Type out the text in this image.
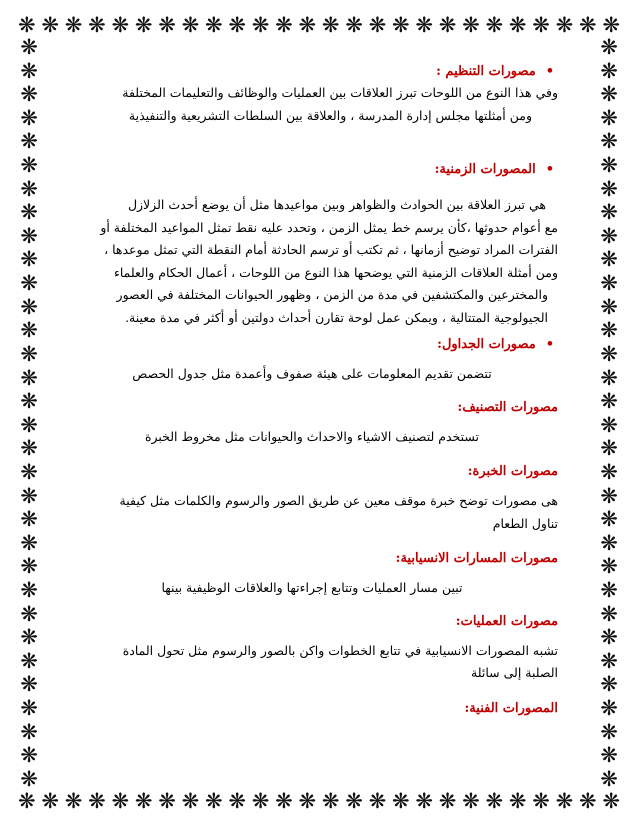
❋ ❋ ❋ ❋ ❋ ❋ ❋ ❋ ❋ ❋ ❋ ❋ ❋ ❋ ❋ ❋ ❋ ❋ ❋ ❋ ❋ ❋ ❋ ❋ ❋ ❋
❋ ❋ ❋ ❋ ❋ ❋ ❋ ❋ ❋ ❋ ❋ ❋ ❋ ❋ ❋ ❋ ❋ ❋ ❋ ❋ ❋ ❋ ❋ ❋ ❋ ❋
❋
❋
❋
❋
❋
❋
❋
❋
❋
❋
❋
❋
❋
❋
❋
❋
❋
❋
❋
❋
❋
❋
❋
❋
❋
❋
❋
❋
❋
❋
❋
❋
❋
❋
❋
❋
❋
❋
❋
❋
❋
❋
❋
❋
❋
❋
❋
❋
❋
❋
❋
❋
❋
❋
❋
❋
❋
❋
❋
❋
❋
❋
❋
❋

• مصورات التنظيم :

وفي هذا النوع من اللوحات تبرز العلاقات بين العمليات والوظائف والتعليمات المختلفة

ومن أمثلتها مجلس إدارة المدرسة ، والعلاقة بين السلطات التشريعية والتنفيذية

• المصورات الزمنية:

هي تبرز العلاقة بين الحوادث والظواهر وبين مواعيدها مثل أن يوضع أحدث الزلازل

مع أعوام حدوثها ،كأن يرسم خط يمثل الزمن ، وتحدد عليه نقط تمثل المواعيد المختلفة أو

الفترات المراد توضيح أزمانها ، ثم تكتب أو ترسم الحادثة أمام النقطة التي تمثل موعدها ،

ومن أمثلة العلاقات الزمنية التي يوضحها هذا النوع من اللوحات ، أعمال الحكام والعلماء

والمخترعين والمكتشفين في مدة من الزمن ، وظهور الحيوانات المختلفة في العصور

الجيولوجية المتتالية ، ويمكن عمل لوحة تقارن أحداث دولتين أو أكثر في مدة معينة.

• مصورات الجداول:

تتضمن تقديم المعلومات على هيئة صفوف وأعمدة مثل جدول الحصص

مصورات التصنيف:

تستخدم لتصنيف الاشياء والاحداث والحيوانات مثل مخروط الخبرة

مصورات الخبرة:

هى مصورات توضح خبرة موقف معين عن طريق الصور والرسوم والكلمات مثل كيفية

تناول الطعام

مصورات المسارات الانسيابية:

تبين مسار العمليات وتتابع إجراءتها والعلاقات الوظيفية بينها

مصورات العمليات:

تشبه المصورات الانسيابية في تتابع الخطوات واكن بالصور والرسوم مثل تحول المادة

الصلبة إلى سائلة

المصورات الفنية:
